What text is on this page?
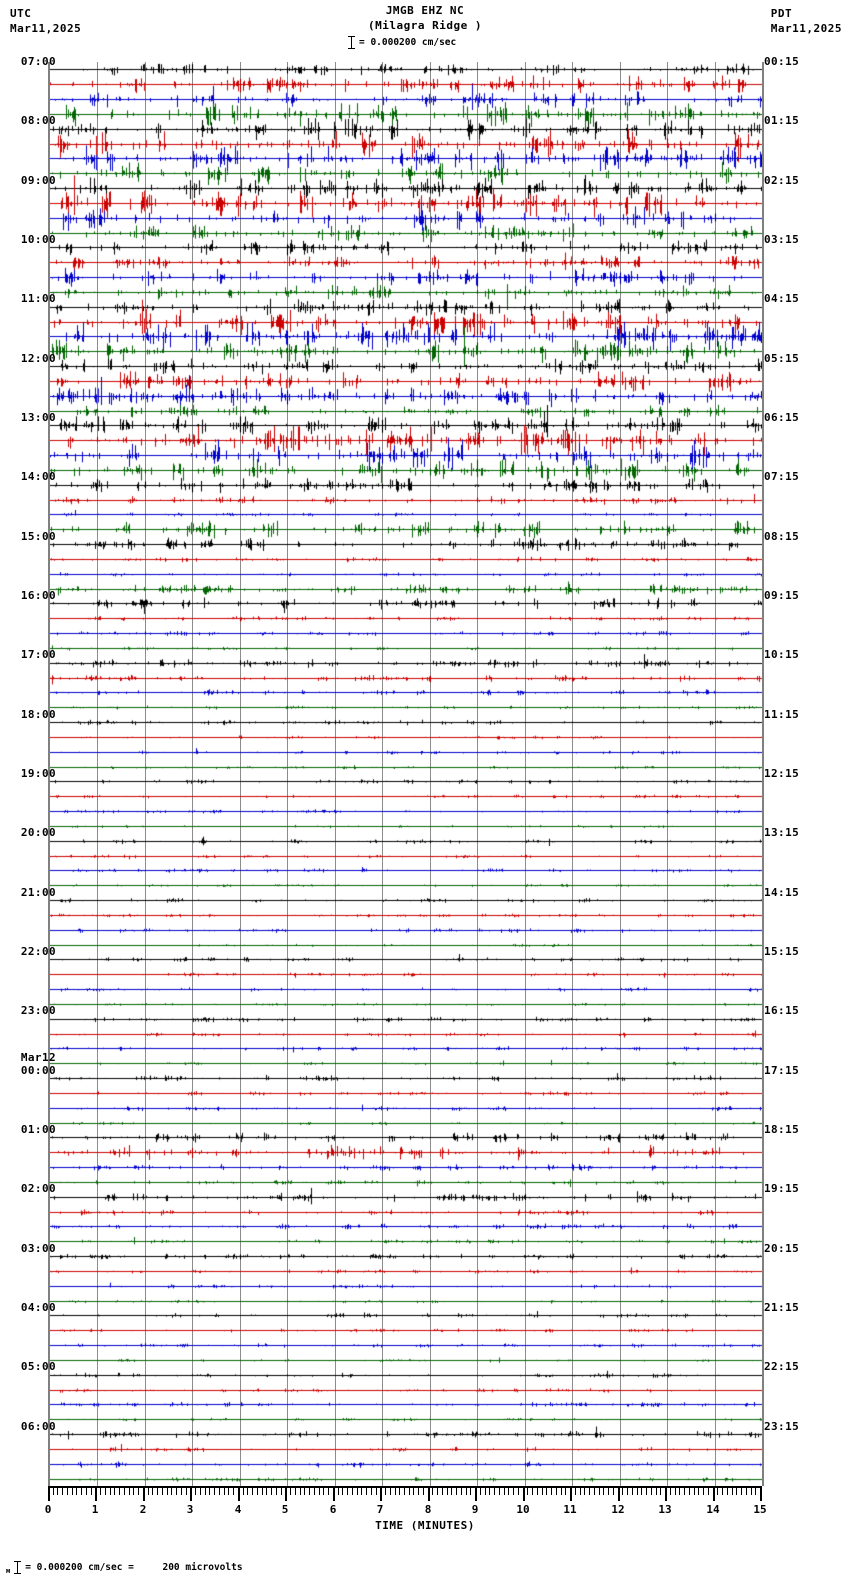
UTC
Mar11,2025
JMGB EHZ NC
(Milagra Ridge )
= 0.000200 cm/sec
PDT
Mar11,2025
07:00	00:15
08:00	01:15
09:00	02:15
10:00	03:15
11:00	04:15
12:00	05:15
13:00	06:15
14:00	07:15
15:00	08:15
16:00	09:15
17:00	10:15
18:00	11:15
19:00	12:15
20:00	13:15
21:00	14:15
22:00	15:15
23:00	16:15
00:00	17:15
Mar12
01:00	18:15
02:00	19:15
03:00	20:15
04:00	21:15
05:00	22:15
06:00	23:15
0	1	2	3	4	5	6	7	8	9	10	11	12	13	14	15
TIME (MINUTES)
м = 0.000200 cm/sec =     200 microvolts
